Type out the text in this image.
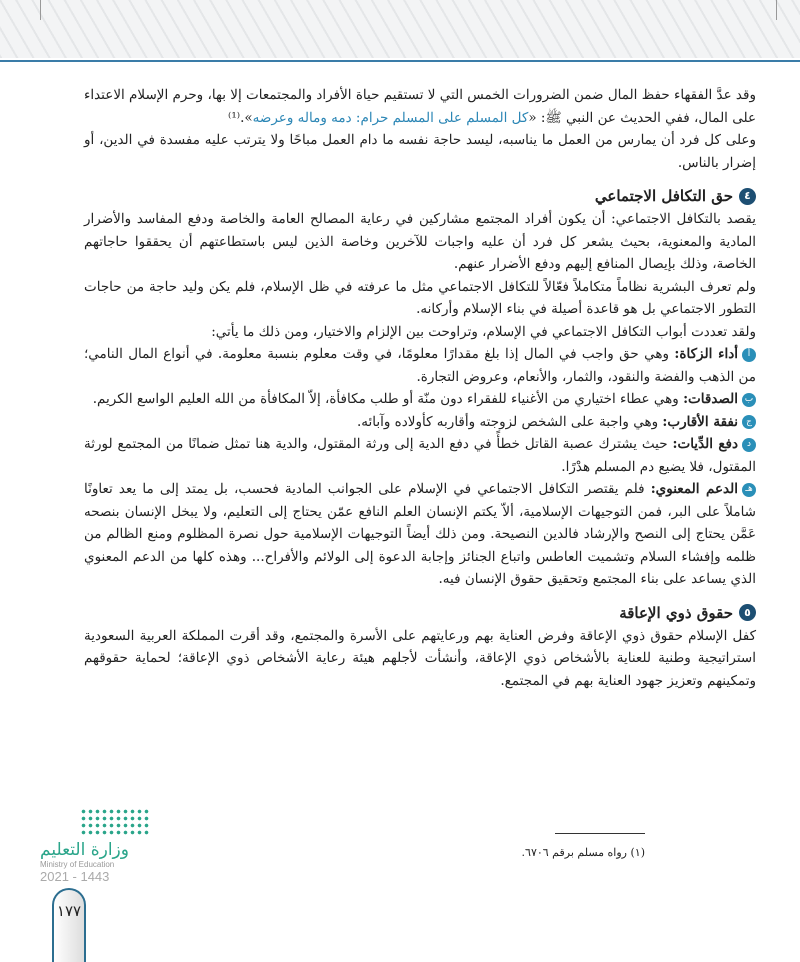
وقد عدَّ الفقهاء حفظ المال ضمن الضرورات الخمس التي لا تستقيم حياة الأفراد والمجتمعات إلا بها، وحرم الإسلام الاعتداء على المال، ففي الحديث عن النبي ﷺ: «كل المسلم على المسلم حرام: دمه وماله وعرضه».⁽¹⁾

وعلى كل فرد أن يمارس من العمل ما يناسبه، ليسد حاجة نفسه ما دام العمل مباحًا ولا يترتب عليه مفسدة في الدين، أو إضرار بالناس.

٤
حق التكافل الاجتماعي

يقصد بالتكافل الاجتماعي: أن يكون أفراد المجتمع مشاركين في رعاية المصالح العامة والخاصة ودفع المفاسد والأضرار المادية والمعنوية، بحيث يشعر كل فرد أن عليه واجبات للآخرين وخاصة الذين ليس باستطاعتهم أن يحققوا حاجاتهم الخاصة، وذلك بإيصال المنافع إليهم ودفع الأضرار عنهم.

ولم تعرف البشرية نظاماً متكاملاً فعّالاً للتكافل الاجتماعي مثل ما عرفته في ظل الإسلام، فلم يكن وليد حاجة من حاجات التطور الاجتماعي بل هو قاعدة أصيلة في بناء الإسلام وأركانه.

ولقد تعددت أبواب التكافل الاجتماعي في الإسلام، وتراوحت بين الإلزام والاختيار، ومن ذلك ما يأتي:

أأداء الزكاة: وهي حق واجب في المال إذا بلغ مقدارًا معلومًا، في وقت معلوم بنسبة معلومة. في أنواع المال النامي؛ من الذهب والفضة والنقود، والثمار، والأنعام، وعروض التجارة.

بالصدقات: وهي عطاء اختياري من الأغنياء للفقراء دون منّة أو طلب مكافأة، إلاّ المكافأة من الله العليم الواسع الكريم.

جنفقة الأقارب: وهي واجبة على الشخص لزوجته وأقاربه كأولاده وآبائه.

ددفع الدِّيات: حيث يشترك عصبة القاتل خطأً في دفع الدية إلى ورثة المقتول، والدية هنا تمثل ضمانًا من المجتمع لورثة المقتول، فلا يضيع دم المسلم هدْرًا.

هـالدعم المعنوي: فلم يقتصر التكافل الاجتماعي في الإسلام على الجوانب المادية فحسب، بل يمتد إلى ما يعد تعاونًا شاملاً على البر، فمن التوجيهات الإسلامية، ألاّ يكتم الإنسان العلم النافع عمّن يحتاج إلى التعليم، ولا يبخل الإنسان بنصحه عَمَّن يحتاج إلى النصح والإرشاد فالدين النصيحة. ومن ذلك أيضاً التوجيهات الإسلامية حول نصرة المظلوم ومنع الظالم من ظلمه وإفشاء السلام وتشميت العاطس واتباع الجنائز وإجابة الدعوة إلى الولائم والأفراح... وهذه كلها من الدعم المعنوي الذي يساعد على بناء المجتمع وتحقيق حقوق الإنسان فيه.

٥
حقوق ذوي الإعاقة

كفل الإسلام حقوق ذوي الإعاقة وفرض العناية بهم ورعايتهم على الأسرة والمجتمع، وقد أقرت المملكة العربية السعودية استراتيجية وطنية للعناية بالأشخاص ذوي الإعاقة، وأنشأت لأجلهم هيئة رعاية الأشخاص ذوي الإعاقة؛ لحماية حقوقهم وتمكينهم وتعزيز جهود العناية بهم في المجتمع.

(١) رواه مسلم برقم ٦٧٠٦.
وزارة التعليم
Ministry of Education
2021 - 1443
١٧٧
